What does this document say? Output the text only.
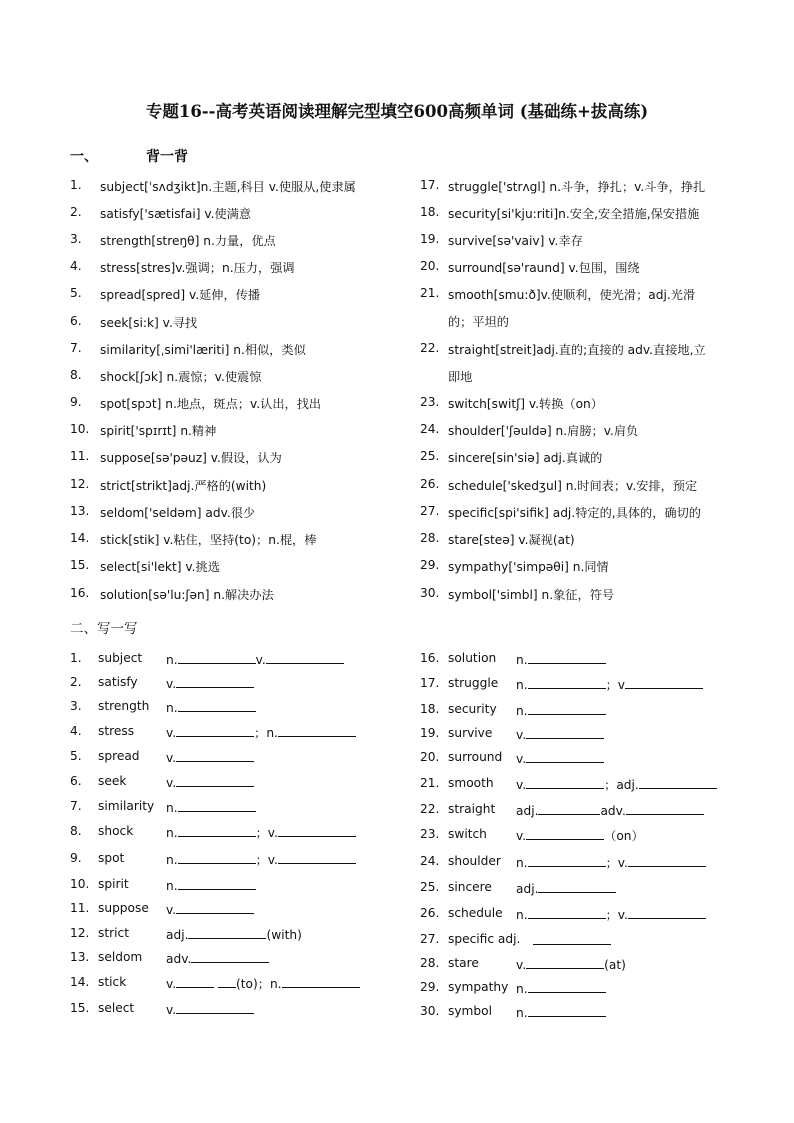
专题16--高考英语阅读理解完型填空600高频单词 (基础练+拔高练)
一、	背一背
1.	subject[ˈsʌdʒikt]n.主题,科目 v.使服从,使隶属
2.	satisfy['sætisfai] v.使满意
3.	strength[streŋθ] n.力量，优点
4.	stress[stres]v.强调；n.压力，强调
5.	spread[spred] v.延伸，传播
6.	seek[si:k] v.寻找
7.	similarity[ˌsimi'læriti] n.相似，类似
8.	shock[ʃɔk] n.震惊；v.使震惊
9.	spot[spɔt] n.地点，斑点；v.认出，找出
10. spirit['spɪrɪt] n.精神
11. suppose[sə'pəuz] v.假设，认为
12. strict[strikt]adj.严格的(with)
13. seldom['seldəm] adv.很少
14. stick[stik] v.粘住，坚持(to)；n.棍，棒
15. select[si'lekt] v.挑选
16. solution[sə'lu:ʃən] n.解决办法
17. struggle['strʌgl] n.斗争，挣扎；v.斗争，挣扎
18. security[si'kju:riti]n.安全,安全措施,保安措施
19. survive[sə'vaiv] v.幸存
20. surround[sə'raund] v.包围，围绕
21. smooth[smu:ð]v.使顺利，使光滑；adj.光滑
的；平坦的
22. straight[streit]adj.直的;直接的 adv.直接地,立
即地
23. switch[switʃ] v.转换（on）
24. shoulder['ʃəuldə] n.肩膀；v.肩负
25. sincere[sin'siə] adj.真诚的
26. schedule['skedʒul] n.时间表；v.安排，预定
27. specific[spi'sifik] adj.特定的,具体的，确切的
28. stare[steə] v.凝视(at)
29. sympathy['simpəθi] n.同情
30. symbol['simbl] n.象征，符号
二、写一写
1.	subject n.	v.
2.	satisfy v.
3.	strength n.
4.	stress	v.	；n.
5.	spread v.
6.	seek	v.
7.	similarity n.
8.	shock	n.	；v.
9.	spot	n.	；v.
10. spirit	n.
11. suppose v.
12. strict	adj.	(with)
13. seldom adv.
14. stick	v.	(to)；n.
15. select	v.
16. solution n.
17. struggle n.	；v
18. security n.
19. survive v.
20. surround v.
21. smooth v.	；adj.
22. straight adj.	adv.
23. switch v.	（on）
24. shoulder n.	；v.
25. sincere adj.
26. schedule n.	；v.
27. specific adj.
28. stare	v.	(at)
29. sympathy n.
30. symbol n.
